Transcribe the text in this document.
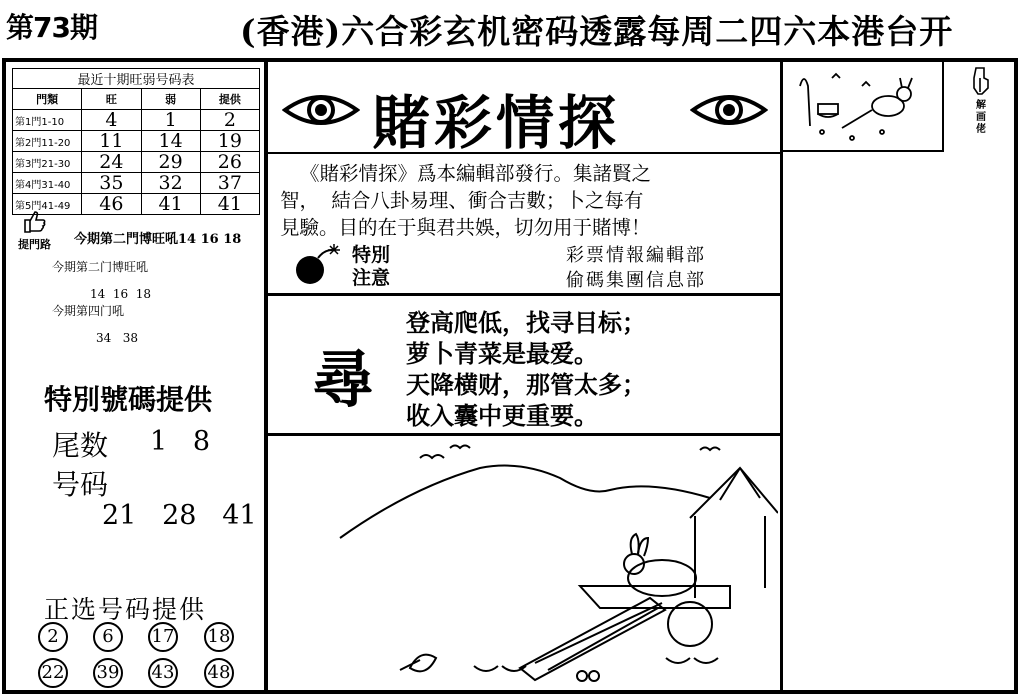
第73期	(香港)六合彩玄机密码透露每周二四六本港台开
最近十期旺弱号码表			
門類	旺	弱	提供
第1門1-10	4	1	2
第2門11-20	11	14	19
第3門21-30	24	29	26
第4門31-40	35	32	37
第5門41-49	46	41	41
提門路 今期第二門博旺吼14 16 18
今期第二门博旺吼
14  16  18
今期第四门吼
34   38
特別號碼提供
尾数 1   8
号码
21   28   41
正选号码提供
2	6	17 18
22 39 43 48
賭彩情探
《賭彩情探》爲本編輯部發行。集諸賢之
智，  結合八卦易理、衝合吉數；卜之每有
見驗。目的在于與君共娛，切勿用于賭博！
特別
注意
彩票情報編輯部
偷碼集團信息部
尋
登高爬低，找寻目标；
萝卜青菜是最爱。
天降横财，那管太多；
收入囊中更重要。
解画佬
